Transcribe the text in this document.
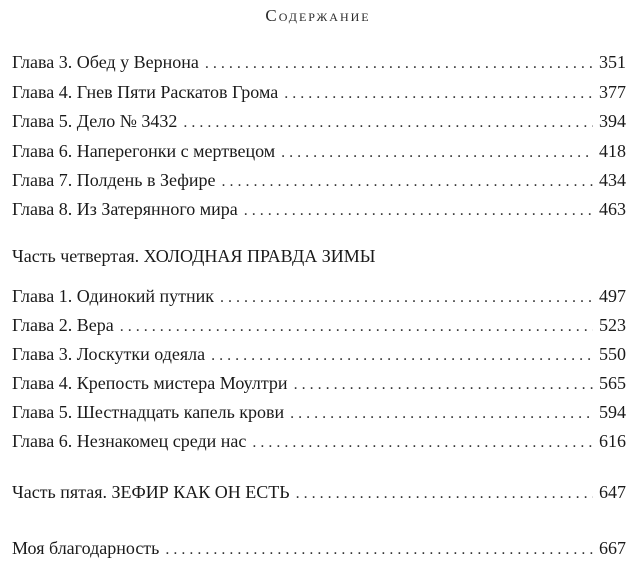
Содержание
Глава 3. Обед у Вернона . . .	351
Глава 4. Гнев Пяти Раскатов Грома . . .	377
Глава 5. Дело № 3432 . . .	394
Глава 6. Наперегонки с мертвецом . . .	418
Глава 7. Полдень в Зефире . . .	434
Глава 8. Из Затерянного мира . . .	463
Часть четвертая. ХОЛОДНАЯ ПРАВДА ЗИМЫ
Глава 1. Одинокий путник . . .	497
Глава 2. Вера . . .	523
Глава 3. Лоскутки одеяла . . .	550
Глава 4. Крепость мистера Моултри . . .	565
Глава 5. Шестнадцать капель крови . . .	594
Глава 6. Незнакомец среди нас . . .	616
Часть пятая. ЗЕФИР КАК ОН ЕСТЬ . . .	647
Моя благодарность . . .	667
